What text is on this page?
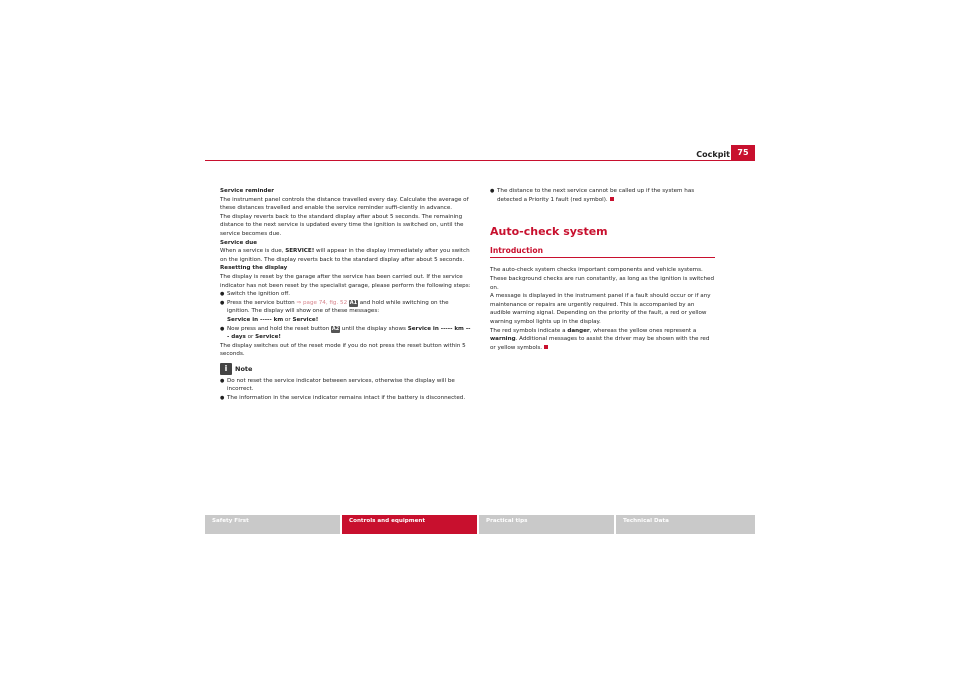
Cockpit 75

Service reminder

The instrument panel controls the distance travelled every day. Calculate the average of these distances travelled and enable the service reminder suffi-ciently in advance.

The display reverts back to the standard display after about 5 seconds. The remaining distance to the next service is updated every time the ignition is switched on, until the service becomes due.

Service due

When a service is due, SERVICE! will appear in the display immediately after you switch on the ignition. The display reverts back to the standard display after about 5 seconds.

Resetting the display

The display is reset by the garage after the service has been carried out. If the service indicator has not been reset by the specialist garage, please perform the following steps:

● Switch the ignition off.

● Press the service button ⇒ page 74, fig. 52 A1 and hold while switching on the ignition. The display will show one of these messages:
Service in ----- km or Service!

● Now press and hold the reset button A2 until the display shows Service in ----- km --- days or Service!

The display switches out of the reset mode if you do not press the reset button within 5 seconds.

i	Note

● Do not reset the service indicator between services, otherwise the display will be incorrect.

● The information in the service indicator remains intact if the battery is disconnected.

● The distance to the next service cannot be called up if the system has detected a Priority 1 fault (red symbol).

Auto-check system
Introduction

The auto-check system checks important components and vehicle systems. These background checks are run constantly, as long as the ignition is switched on.

A message is displayed in the instrument panel if a fault should occur or if any maintenance or repairs are urgently required. This is accompanied by an audible warning signal. Depending on the priority of the fault, a red or yellow warning symbol lights up in the display.

The red symbols indicate a danger, whereas the yellow ones represent a warning. Additional messages to assist the driver may be shown with the red or yellow symbols.

Safety First	Controls and equipment	Practical tips	Technical Data
